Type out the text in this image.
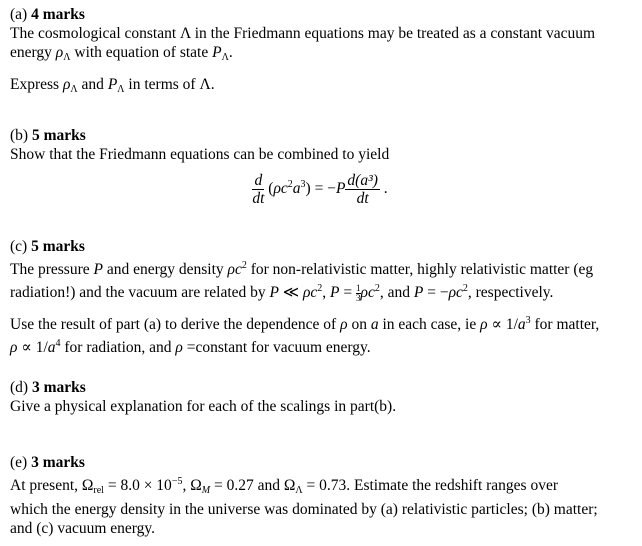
(a) 4 marks
The cosmological constant Λ in the Friedmann equations may be treated as a constant vacuum
energy ρΛ with equation of state PΛ.
Express ρΛ and PΛ in terms of Λ.
(b) 5 marks
Show that the Friedmann equations can be combined to yield
$\frac{d}{dt} (\rho c^2a^3) = -P \frac{\text{d(a³)}}{dt}$ .
(c) 5 marks
The pressure P and energy density $\rho c^2$ for non-relativistic matter, highly relativistic matter (eg
radiation!) and the vacuum are related by P ≪ $\rho c^2$, $P = \frac{1}{3} \rho c^2$, and $P = -\rho c^2$, respectively.
Use the result of part (a) to derive the dependence of ρ on a in each case, ie $\rho \propto 1/a^3$ for matter,
$\rho \propto 1/a^4$ for radiation, and ρ =constant for vacuum energy.
(d) 3 marks
Give a physical explanation for each of the scalings in part(b).
(e) 3 marks
At present, $\Omega rel = 8.0 \times 10^{-5}$, $\Omega_M = 0.27$ and ΩΛ = 0.73. Estimate the redshift ranges over
which the energy density in the universe was dominated by (a) relativistic particles; (b) matter;
and (c) vacuum energy.
